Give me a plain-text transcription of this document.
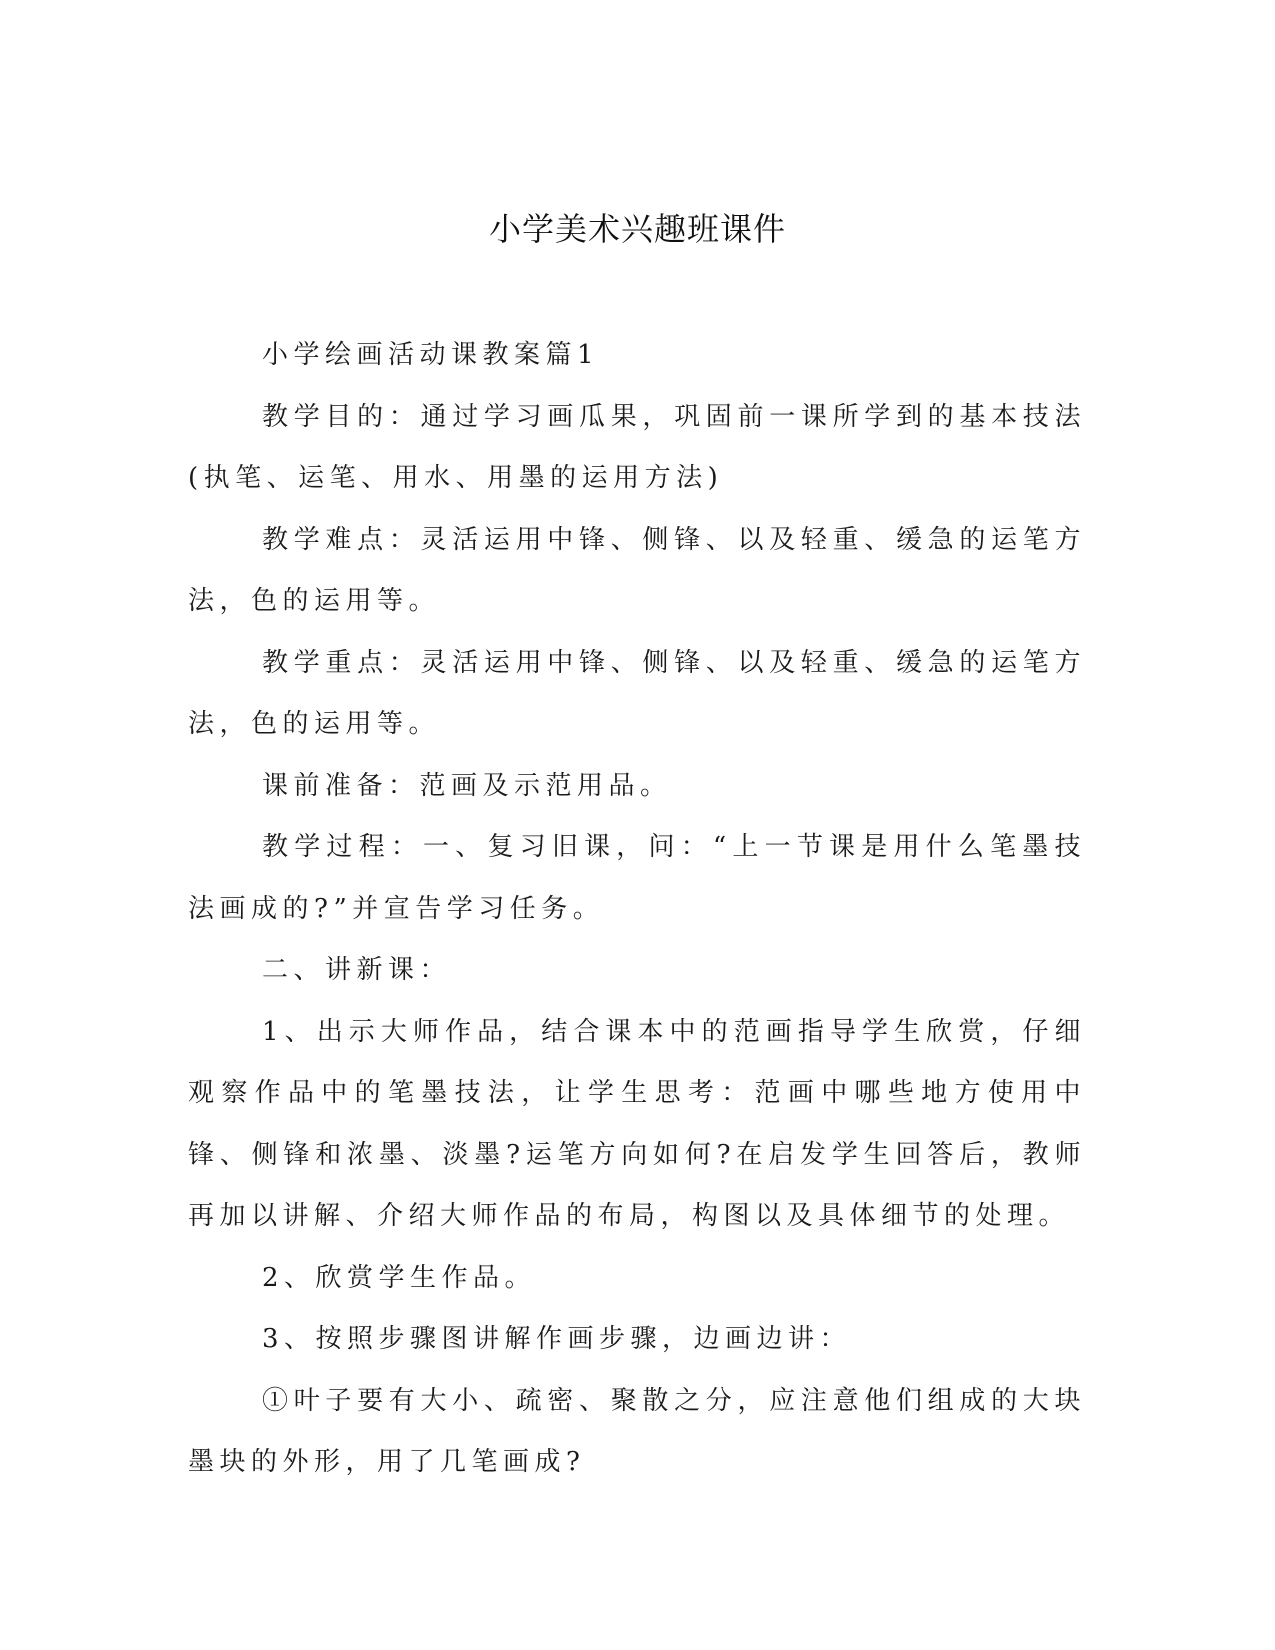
小学美术兴趣班课件

小学绘画活动课教案篇1

教学目的：通过学习画瓜果，巩固前一课所学到的基本技法(执笔、运笔、用水、用墨的运用方法)

教学难点：灵活运用中锋、侧锋、以及轻重、缓急的运笔方法，色的运用等。

教学重点：灵活运用中锋、侧锋、以及轻重、缓急的运笔方法，色的运用等。

课前准备：范画及示范用品。

教学过程：一、复习旧课，问：“上一节课是用什么笔墨技法画成的?”并宣告学习任务。

二、讲新课：

1、出示大师作品，结合课本中的范画指导学生欣赏，仔细观察作品中的笔墨技法，让学生思考：范画中哪些地方使用中锋、侧锋和浓墨、淡墨?运笔方向如何?在启发学生回答后，教师再加以讲解、介绍大师作品的布局，构图以及具体细节的处理。

2、欣赏学生作品。

3、按照步骤图讲解作画步骤，边画边讲：

①叶子要有大小、疏密、聚散之分，应注意他们组成的大块墨块的外形，用了几笔画成?
